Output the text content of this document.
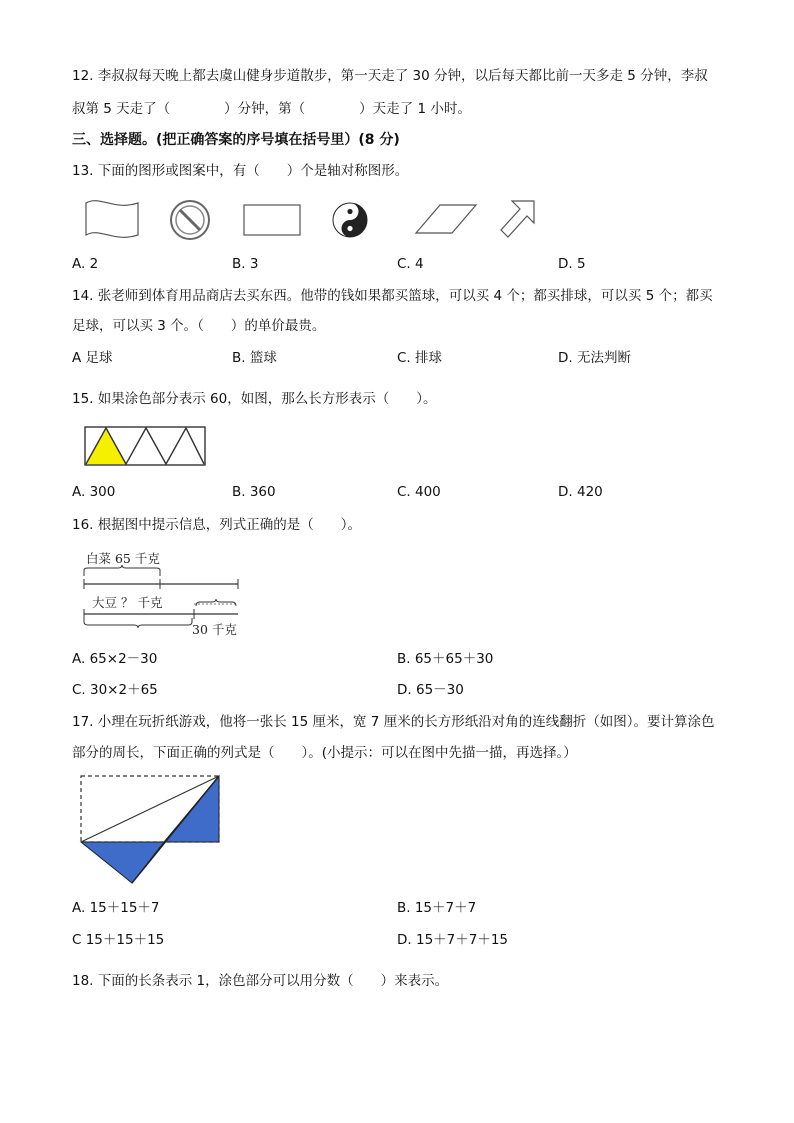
12. 李叔叔每天晚上都去虞山健身步道散步，第一天走了 30 分钟，以后每天都比前一天多走 5 分钟，李叔
叔第 5 天走了（　　　　）分钟，第（　　　　）天走了 1 小时。
三、选择题。(把正确答案的序号填在括号里）(8 分)
13. 下面的图形或图案中，有（　　）个是轴对称图形。
A. 2	B. 3	C. 4	D. 5
14. 张老师到体育用品商店去买东西。他带的钱如果都买篮球，可以买 4 个；都买排球，可以买 5 个；都买
足球，可以买 3 个。（　　）的单价最贵。
A 足球	B. 篮球	C. 排球	D. 无法判断
15. 如果涂色部分表示 60，如图，那么长方形表示（　　）。
A. 300	B. 360	C. 400	D. 420
16. 根据图中提示信息，列式正确的是（　　）。
白菜 65 千克
大豆 ？ 千克
30 千克
A. 65×2－30	B. 65＋65＋30
C. 30×2＋65	D. 65－30
17. 小理在玩折纸游戏，他将一张长 15 厘米，宽 7 厘米的长方形纸沿对角的连线翻折（如图）。要计算涂色
部分的周长，下面正确的列式是（　　）。(小提示：可以在图中先描一描，再选择。）
A. 15＋15＋7	B. 15＋7＋7
C 15＋15＋15	D. 15＋7＋7＋15
18. 下面的长条表示 1，涂色部分可以用分数（　　）来表示。
